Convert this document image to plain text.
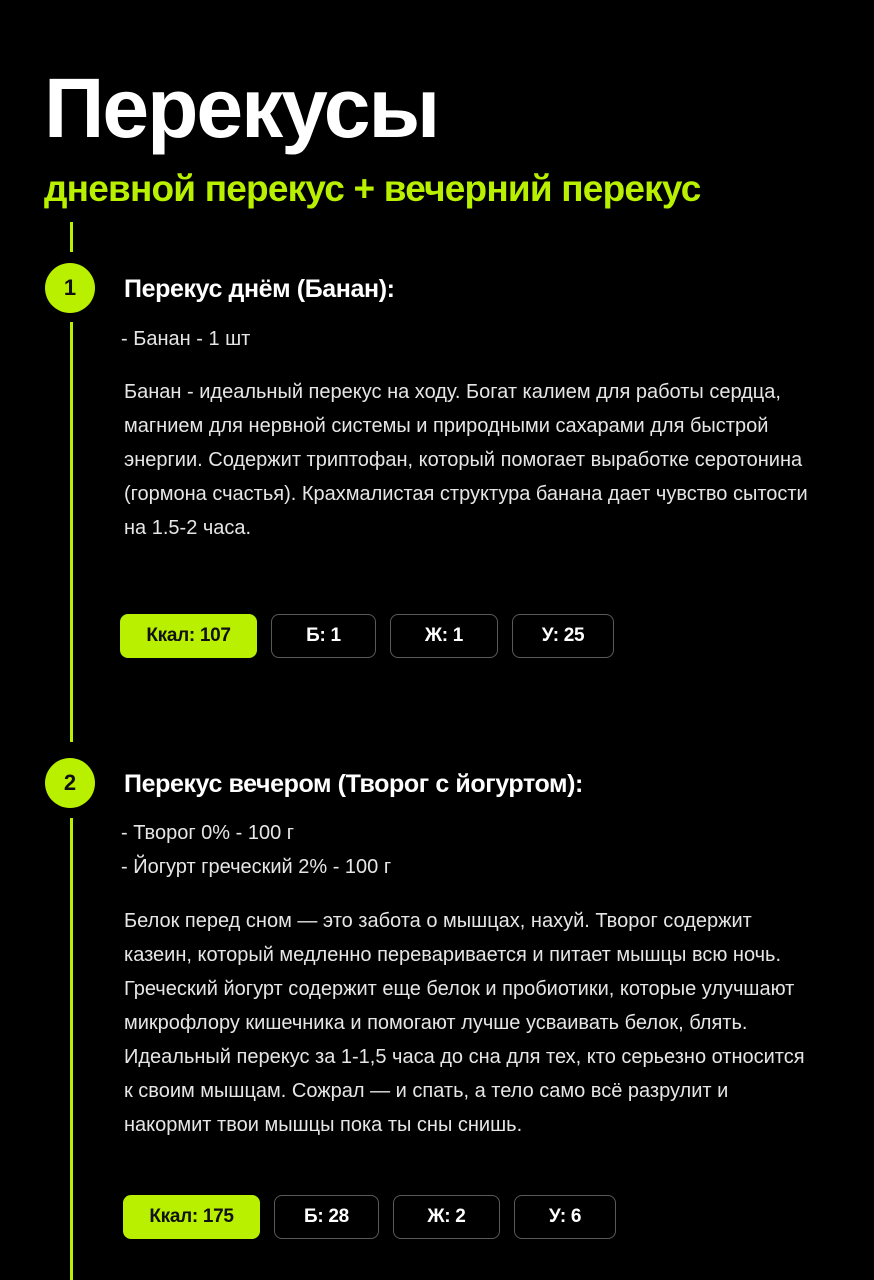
Перекусы
дневной перекус + вечерний перекус
1	Перекус днём (Банан):
- Банан - 1 шт
Банан - идеальный перекус на ходу. Богат калием для работы сердца, магнием для нервной системы и природными сахарами для быстрой энергии. Содержит триптофан, который помогает выработке серотонина (гормона счастья). Крахмалистая структура банана дает чувство сытости на 1.5-2 часа.
Ккал: 107	Б: 1	Ж: 1	У: 25
2	Перекус вечером (Творог с йогуртом):
- Творог 0% - 100 г
- Йогурт греческий 2% - 100 г
Белок перед сном — это забота о мышцах, нахуй. Творог содержит казеин, который медленно переваривается и питает мышцы всю ночь. Греческий йогурт содержит еще белок и пробиотики, которые улучшают микрофлору кишечника и помогают лучше усваивать белок, блять. Идеальный перекус за 1-1,5 часа до сна для тех, кто серьезно относится к своим мышцам. Сожрал — и спать, а тело само всё разрулит и накормит твои мышцы пока ты сны снишь.
Ккал: 175	Б: 28	Ж: 2	У: 6
